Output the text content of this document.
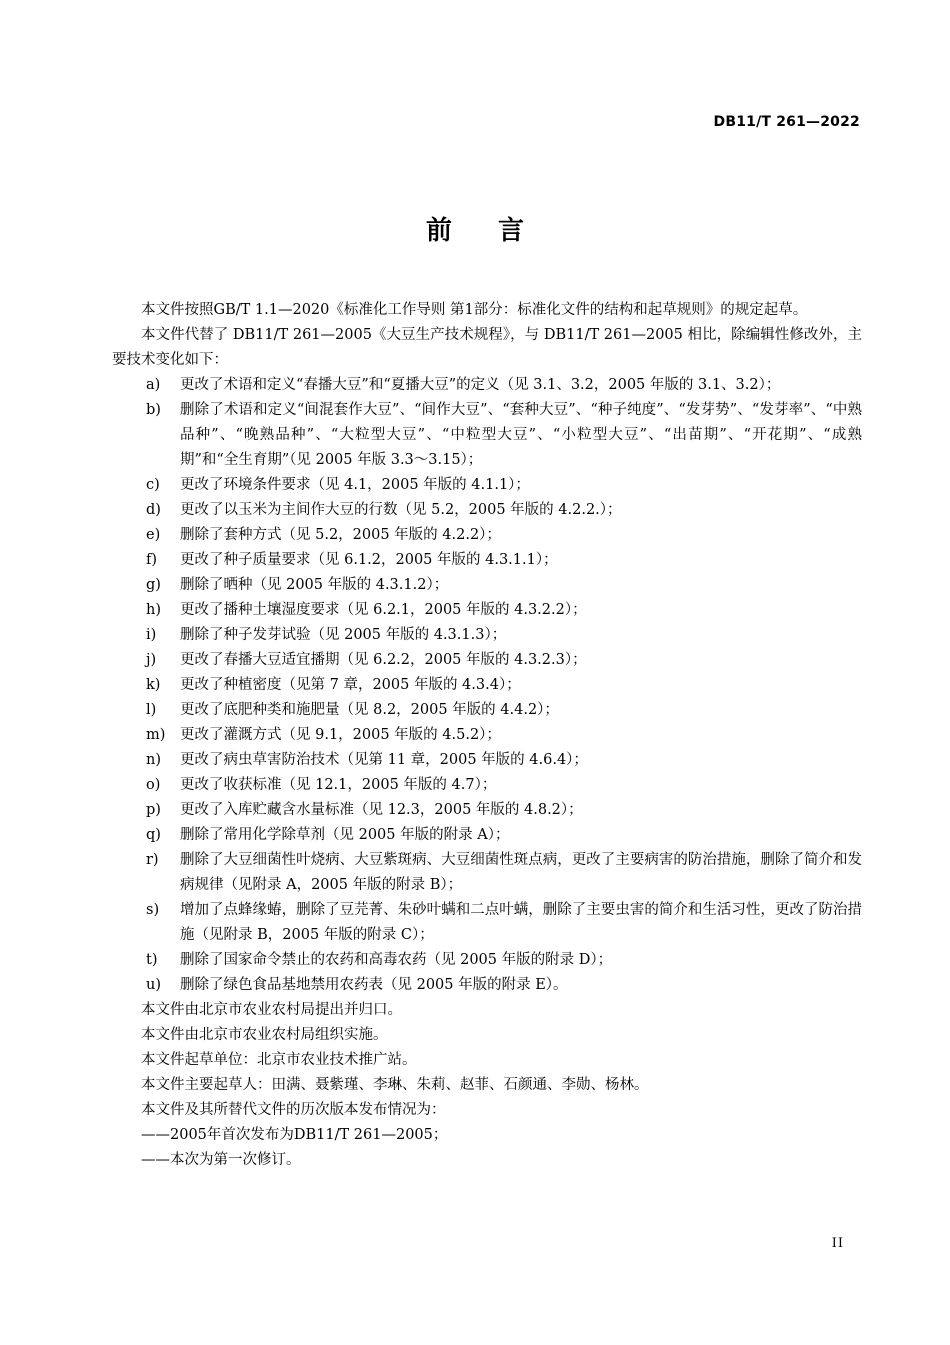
DB11/T 261—2022
前言

本文件按照GB/T 1.1—2020《标准化工作导则 第1部分：标准化文件的结构和起草规则》的规定起草。

本文件代替了 DB11/T 261—2005《大豆生产技术规程》，与 DB11/T 261—2005 相比，除编辑性修改外，主要技术变化如下：

a)	更改了术语和定义“春播大豆”和“夏播大豆”的定义（见 3.1、3.2，2005 年版的 3.1、3.2）；
b)	删除了术语和定义“间混套作大豆”、“间作大豆”、“套种大豆”、“种子纯度”、“发芽势”、“发芽率”、“中熟品种”、“晚熟品种”、“大粒型大豆”、“中粒型大豆”、“小粒型大豆”、“出苗期”、“开花期”、“成熟期”和“全生育期”（见 2005 年版 3.3～3.15）；
c)	更改了环境条件要求（见 4.1，2005 年版的 4.1.1）；
d)	更改了以玉米为主间作大豆的行数（见 5.2，2005 年版的 4.2.2.）；
e)	删除了套种方式（见 5.2，2005 年版的 4.2.2）；
f)	更改了种子质量要求（见 6.1.2，2005 年版的 4.3.1.1）；
g)	删除了晒种（见 2005 年版的 4.3.1.2）；
h)	更改了播种土壤湿度要求（见 6.2.1，2005 年版的 4.3.2.2）；
i)	删除了种子发芽试验（见 2005 年版的 4.3.1.3）；
j)	更改了春播大豆适宜播期（见 6.2.2，2005 年版的 4.3.2.3）；
k)	更改了种植密度（见第 7 章，2005 年版的 4.3.4）；
l)	更改了底肥种类和施肥量（见 8.2，2005 年版的 4.4.2）；
m)	更改了灌溉方式（见 9.1，2005 年版的 4.5.2）；
n)	更改了病虫草害防治技术（见第 11 章，2005 年版的 4.6.4）；
o)	更改了收获标准（见 12.1，2005 年版的 4.7）；
p)	更改了入库贮藏含水量标准（见 12.3，2005 年版的 4.8.2）；
q)	删除了常用化学除草剂（见 2005 年版的附录 A）；
r)	删除了大豆细菌性叶烧病、大豆紫斑病、大豆细菌性斑点病，更改了主要病害的防治措施，删除了简介和发病规律（见附录 A，2005 年版的附录 B）；
s)	增加了点蜂缘蝽，删除了豆芫菁、朱砂叶螨和二点叶螨，删除了主要虫害的简介和生活习性，更改了防治措施（见附录 B，2005 年版的附录 C）；
t)	删除了国家命令禁止的农药和高毒农药（见 2005 年版的附录 D）；
u)	删除了绿色食品基地禁用农药表（见 2005 年版的附录 E）。

本文件由北京市农业农村局提出并归口。

本文件由北京市农业农村局组织实施。

本文件起草单位：北京市农业技术推广站。

本文件主要起草人：田满、聂紫瑾、李琳、朱莉、赵菲、石颜通、李勋、杨林。

本文件及其所替代文件的历次版本发布情况为：

——2005年首次发布为DB11/T 261—2005；

——本次为第一次修订。

II
